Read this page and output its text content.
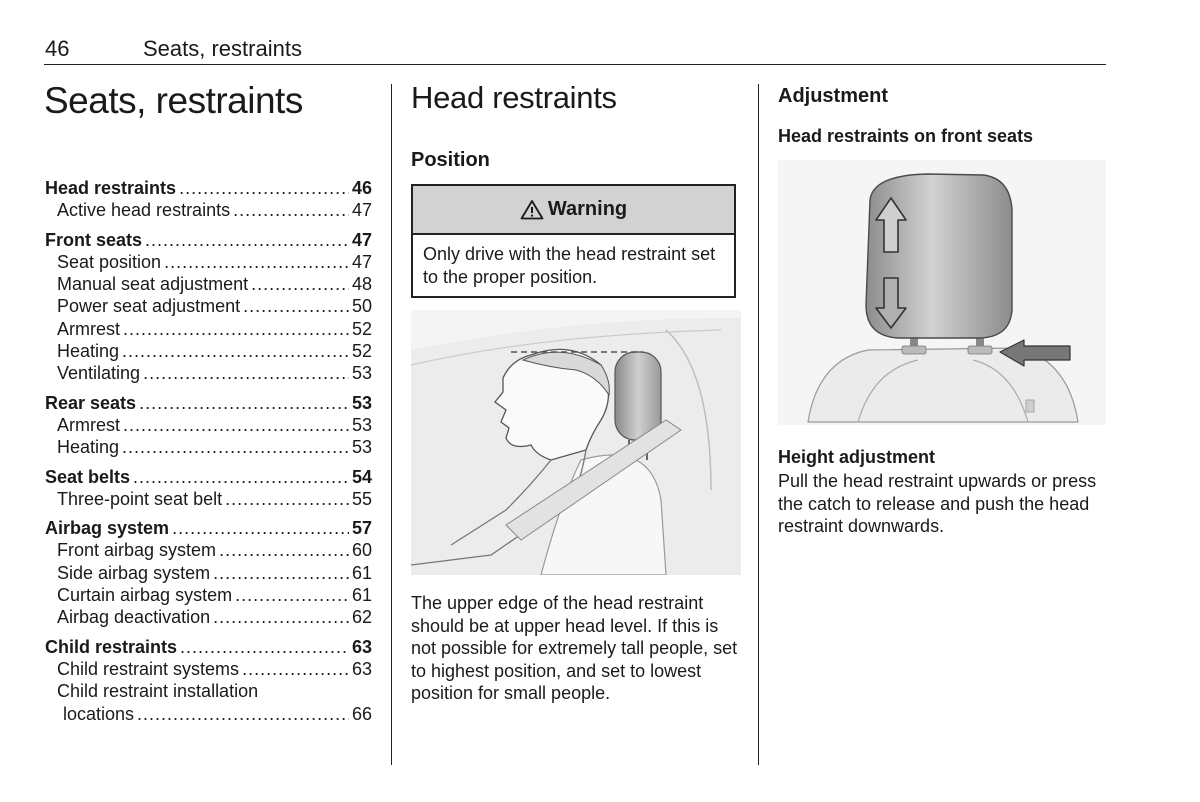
46	Seats, restraints
Seats, restraints
Head restraints .....	46
Active head restraints .....	47
Front seats .....	47
Seat position .....	47
Manual seat adjustment .....	48
Power seat adjustment .....	50
Armrest .....	52
Heating .....	52
Ventilating .....	53
Rear seats .....	53
Armrest .....	53
Heating .....	53
Seat belts .....	54
Three-point seat belt .....	55
Airbag system .....	57
Front airbag system .....	60
Side airbag system .....	61
Curtain airbag system .....	61
Airbag deactivation .....	62
Child restraints .....	63
Child restraint systems .....	63
Child restraint installation
locations .....	66
Head restraints
Position
Warning
Only drive with the head restraint set to the proper position.
The upper edge of the head restraint should be at upper head level. If this is not possible for extremely tall people, set to highest position, and set to lowest position for small people.
Adjustment
Head restraints on front seats
Height adjustment
Pull the head restraint upwards or press the catch to release and push the head restraint downwards.
